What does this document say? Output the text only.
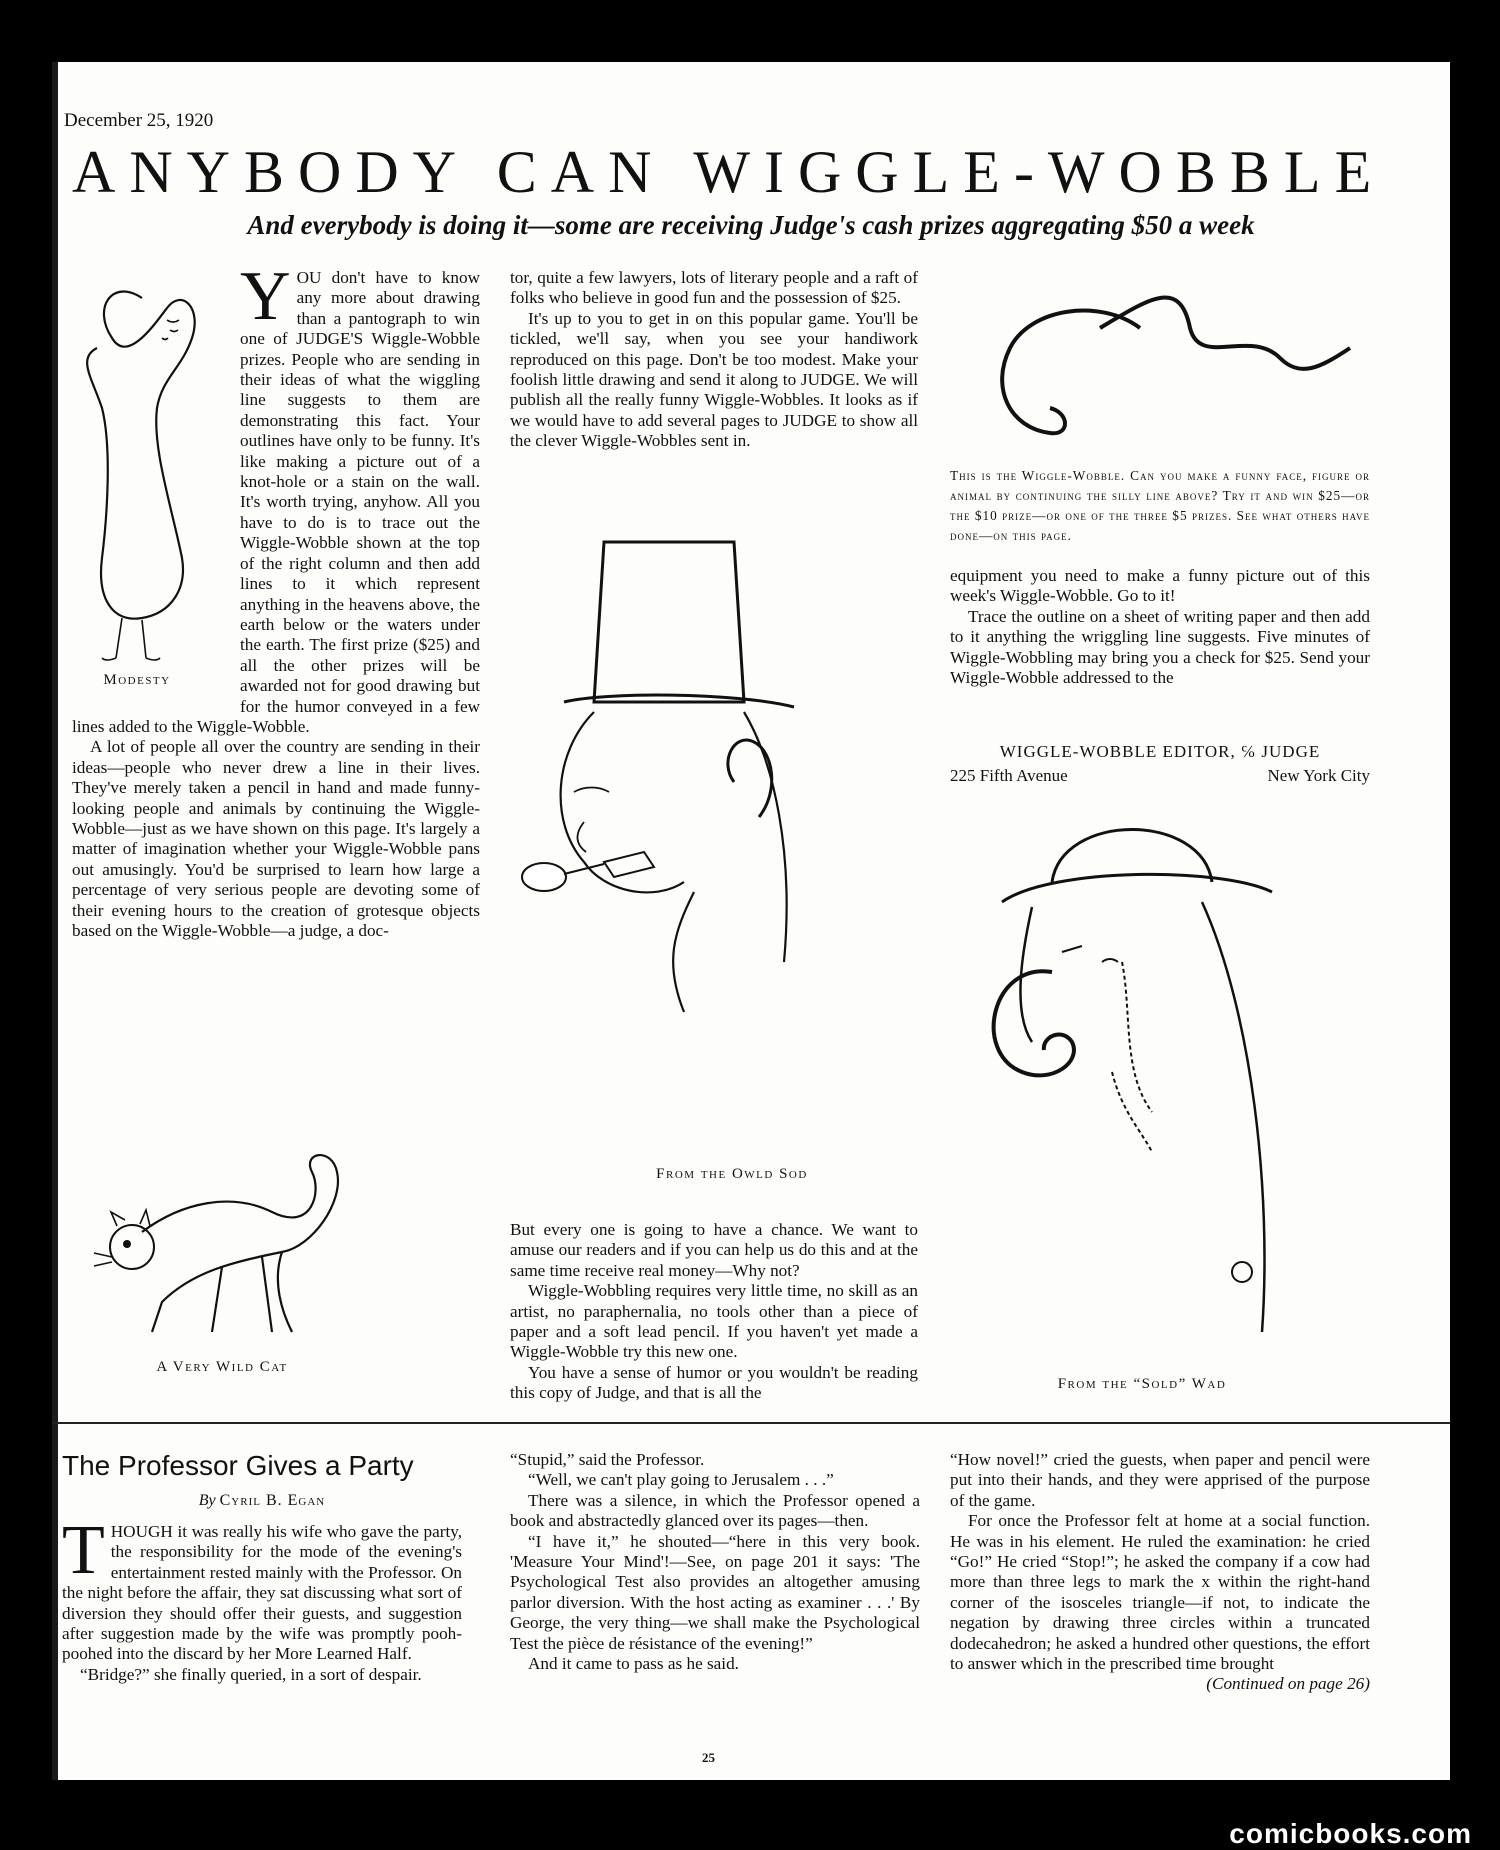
December 25, 1920
ANYBODY CAN WIGGLE-WOBBLE
And everybody is doing it—some are receiving Judge's cash prizes aggregating $50 a week
Modesty

YOU don't have to know any more about drawing than a pantograph to win one of JUDGE'S Wiggle-Wobble prizes. People who are sending in their ideas of what the wiggling line suggests to them are demonstrating this fact. Your outlines have only to be funny. It's like making a picture out of a knot-hole or a stain on the wall. It's worth trying, anyhow. All you have to do is to trace out the Wiggle-Wobble shown at the top of the right column and then add lines to it which represent anything in the heavens above, the earth below or the waters under the earth. The first prize ($25) and all the other prizes will be awarded not for good drawing but for the humor conveyed in a few lines added to the Wiggle-Wobble.

A lot of people all over the country are sending in their ideas—people who never drew a line in their lives. They've merely taken a pencil in hand and made funny-looking people and animals by continuing the Wiggle-Wobble—just as we have shown on this page. It's largely a matter of imagination whether your Wiggle-Wobble pans out amusingly. You'd be surprised to learn how large a percentage of very serious people are devoting some of their evening hours to the creation of grotesque objects based on the Wiggle-Wobble—a judge, a doc-

A Very Wild Cat

tor, quite a few lawyers, lots of literary people and a raft of folks who believe in good fun and the possession of $25.

It's up to you to get in on this popular game. You'll be tickled, we'll say, when you see your handiwork reproduced on this page. Don't be too modest. Make your foolish little drawing and send it along to JUDGE. We will publish all the really funny Wiggle-Wobbles. It looks as if we would have to add several pages to JUDGE to show all the clever Wiggle-Wobbles sent in.

From the Owld Sod

But every one is going to have a chance. We want to amuse our readers and if you can help us do this and at the same time receive real money—Why not?

Wiggle-Wobbling requires very little time, no skill as an artist, no paraphernalia, no tools other than a piece of paper and a soft lead pencil. If you haven't yet made a Wiggle-Wobble try this new one.

You have a sense of humor or you wouldn't be reading this copy of Judge, and that is all the

This is the Wiggle-Wobble. Can you make a funny face, figure or animal by continuing the silly line above? Try it and win $25—or the $10 prize—or one of the three $5 prizes. See what others have done—on this page.

equipment you need to make a funny picture out of this week's Wiggle-Wobble. Go to it!

Trace the outline on a sheet of writing paper and then add to it anything the wriggling line suggests. Five minutes of Wiggle-Wobbling may bring you a check for $25. Send your Wiggle-Wobble addressed to the

WIGGLE-WOBBLE EDITOR, ℅ JUDGE
225 Fifth Avenue	New York City
From the “Sold” Wad
The Professor Gives a Party
By Cyril B. Egan

THOUGH it was really his wife who gave the party, the responsibility for the mode of the evening's entertainment rested mainly with the Professor. On the night before the affair, they sat discussing what sort of diversion they should offer their guests, and suggestion after suggestion made by the wife was promptly pooh-poohed into the discard by her More Learned Half.

“Bridge?” she finally queried, in a sort of despair.

“Stupid,” said the Professor.

“Well, we can't play going to Jerusalem . . .”

There was a silence, in which the Professor opened a book and abstractedly glanced over its pages—then.

“I have it,” he shouted—“here in this very book. 'Measure Your Mind'!—See, on page 201 it says: 'The Psychological Test also provides an altogether amusing parlor diversion. With the host acting as examiner . . .' By George, the very thing—we shall make the Psychological Test the pièce de résistance of the evening!”

And it came to pass as he said.

“How novel!” cried the guests, when paper and pencil were put into their hands, and they were apprised of the purpose of the game.

For once the Professor felt at home at a social function. He was in his element. He ruled the examination: he cried “Go!” He cried “Stop!”; he asked the company if a cow had more than three legs to mark the x within the right-hand corner of the isosceles triangle—if not, to indicate the negation by drawing three circles within a truncated dodecahedron; he asked a hundred other questions, the effort to answer which in the prescribed time brought

(Continued on page 26)

25
comicbooks.com
